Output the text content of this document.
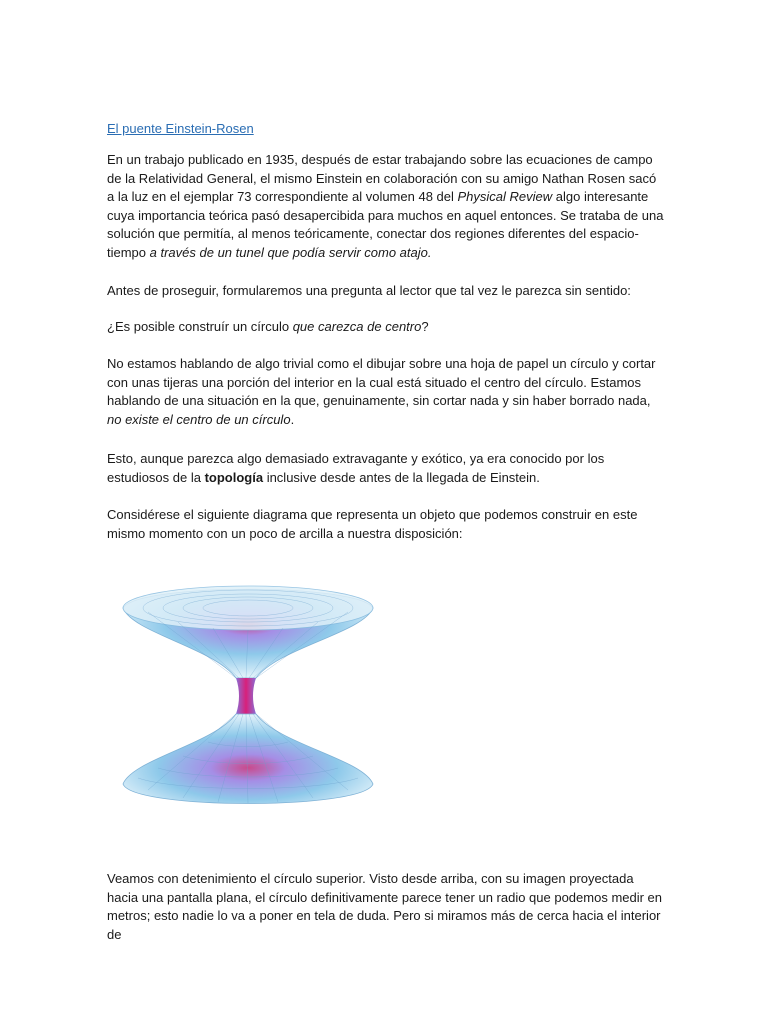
El puente Einstein-Rosen

En un trabajo publicado en 1935, después de estar trabajando sobre las ecuaciones de campo de la Relatividad General, el mismo Einstein en colaboración con su amigo Nathan Rosen sacó a la luz en el ejemplar 73 correspondiente al volumen 48 del Physical Review algo interesante cuya importancia teórica pasó desapercibida para muchos en aquel entonces. Se trataba de una solución que permitía, al menos teóricamente, conectar dos regiones diferentes del espacio-tiempo a través de un tunel que podía servir como atajo.

Antes de proseguir, formularemos una pregunta al lector que tal vez le parezca sin sentido:

¿Es posible construír un círculo que carezca de centro?

No estamos hablando de algo trivial como el dibujar sobre una hoja de papel un círculo y cortar con unas tijeras una porción del interior en la cual está situado el centro del círculo. Estamos hablando de una situación en la que, genuinamente, sin cortar nada y sin haber borrado nada, no existe el centro de un círculo.

Esto, aunque parezca algo demasiado extravagante y exótico, ya era conocido por los estudiosos de la topología inclusive desde antes de la llegada de Einstein.

Considérese el siguiente diagrama que representa un objeto que podemos construir en este mismo momento con un poco de arcilla a nuestra disposición:

Veamos con detenimiento el círculo superior. Visto desde arriba, con su imagen proyectada hacia una pantalla plana, el círculo definitivamente parece tener un radio que podemos medir en metros; esto nadie lo va a poner en tela de duda. Pero si miramos más de cerca hacia el interior de
